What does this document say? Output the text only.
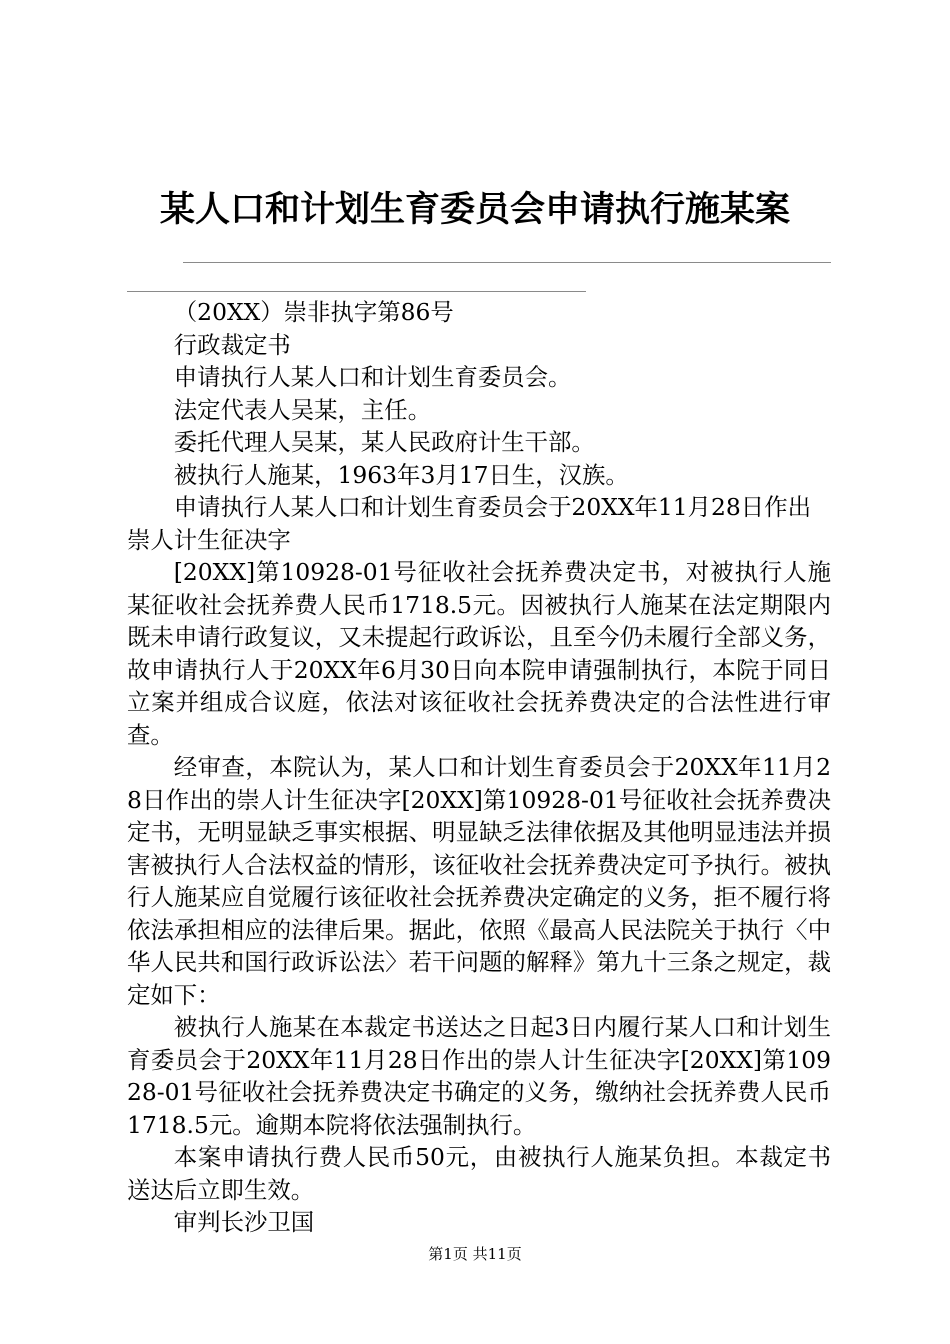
某人口和计划生育委员会申请执行施某案

（20XX）崇非执字第86号

行政裁定书

申请执行人某人口和计划生育委员会。

法定代表人吴某，主任。

委托代理人吴某，某人民政府计生干部。

被执行人施某，1963年3月17日生，汉族。

申请执行人某人口和计划生育委员会于20XX年11月28日作出崇人计生征决字

[20XX]第10928-01号征收社会抚养费决定书，对被执行人施某征收社会抚养费人民币1718.5元。因被执行人施某在法定期限内既未申请行政复议，又未提起行政诉讼，且至今仍未履行全部义务，故申请执行人于20XX年6月30日向本院申请强制执行，本院于同日立案并组成合议庭，依法对该征收社会抚养费决定的合法性进行审查。

经审查，本院认为，某人口和计划生育委员会于20XX年11月28日作出的崇人计生征决字[20XX]第10928-01号征收社会抚养费决定书，无明显缺乏事实根据、明显缺乏法律依据及其他明显违法并损害被执行人合法权益的情形，该征收社会抚养费决定可予执行。被执行人施某应自觉履行该征收社会抚养费决定确定的义务，拒不履行将依法承担相应的法律后果。据此，依照《最高人民法院关于执行〈中华人民共和国行政诉讼法〉若干问题的解释》第九十三条之规定，裁定如下：

被执行人施某在本裁定书送达之日起3日内履行某人口和计划生育委员会于20XX年11月28日作出的崇人计生征决字[20XX]第10928-01号征收社会抚养费决定书确定的义务，缴纳社会抚养费人民币1718.5元。逾期本院将依法强制执行。

本案申请执行费人民币50元，由被执行人施某负担。本裁定书送达后立即生效。

审判长沙卫国

第1页 共11页
